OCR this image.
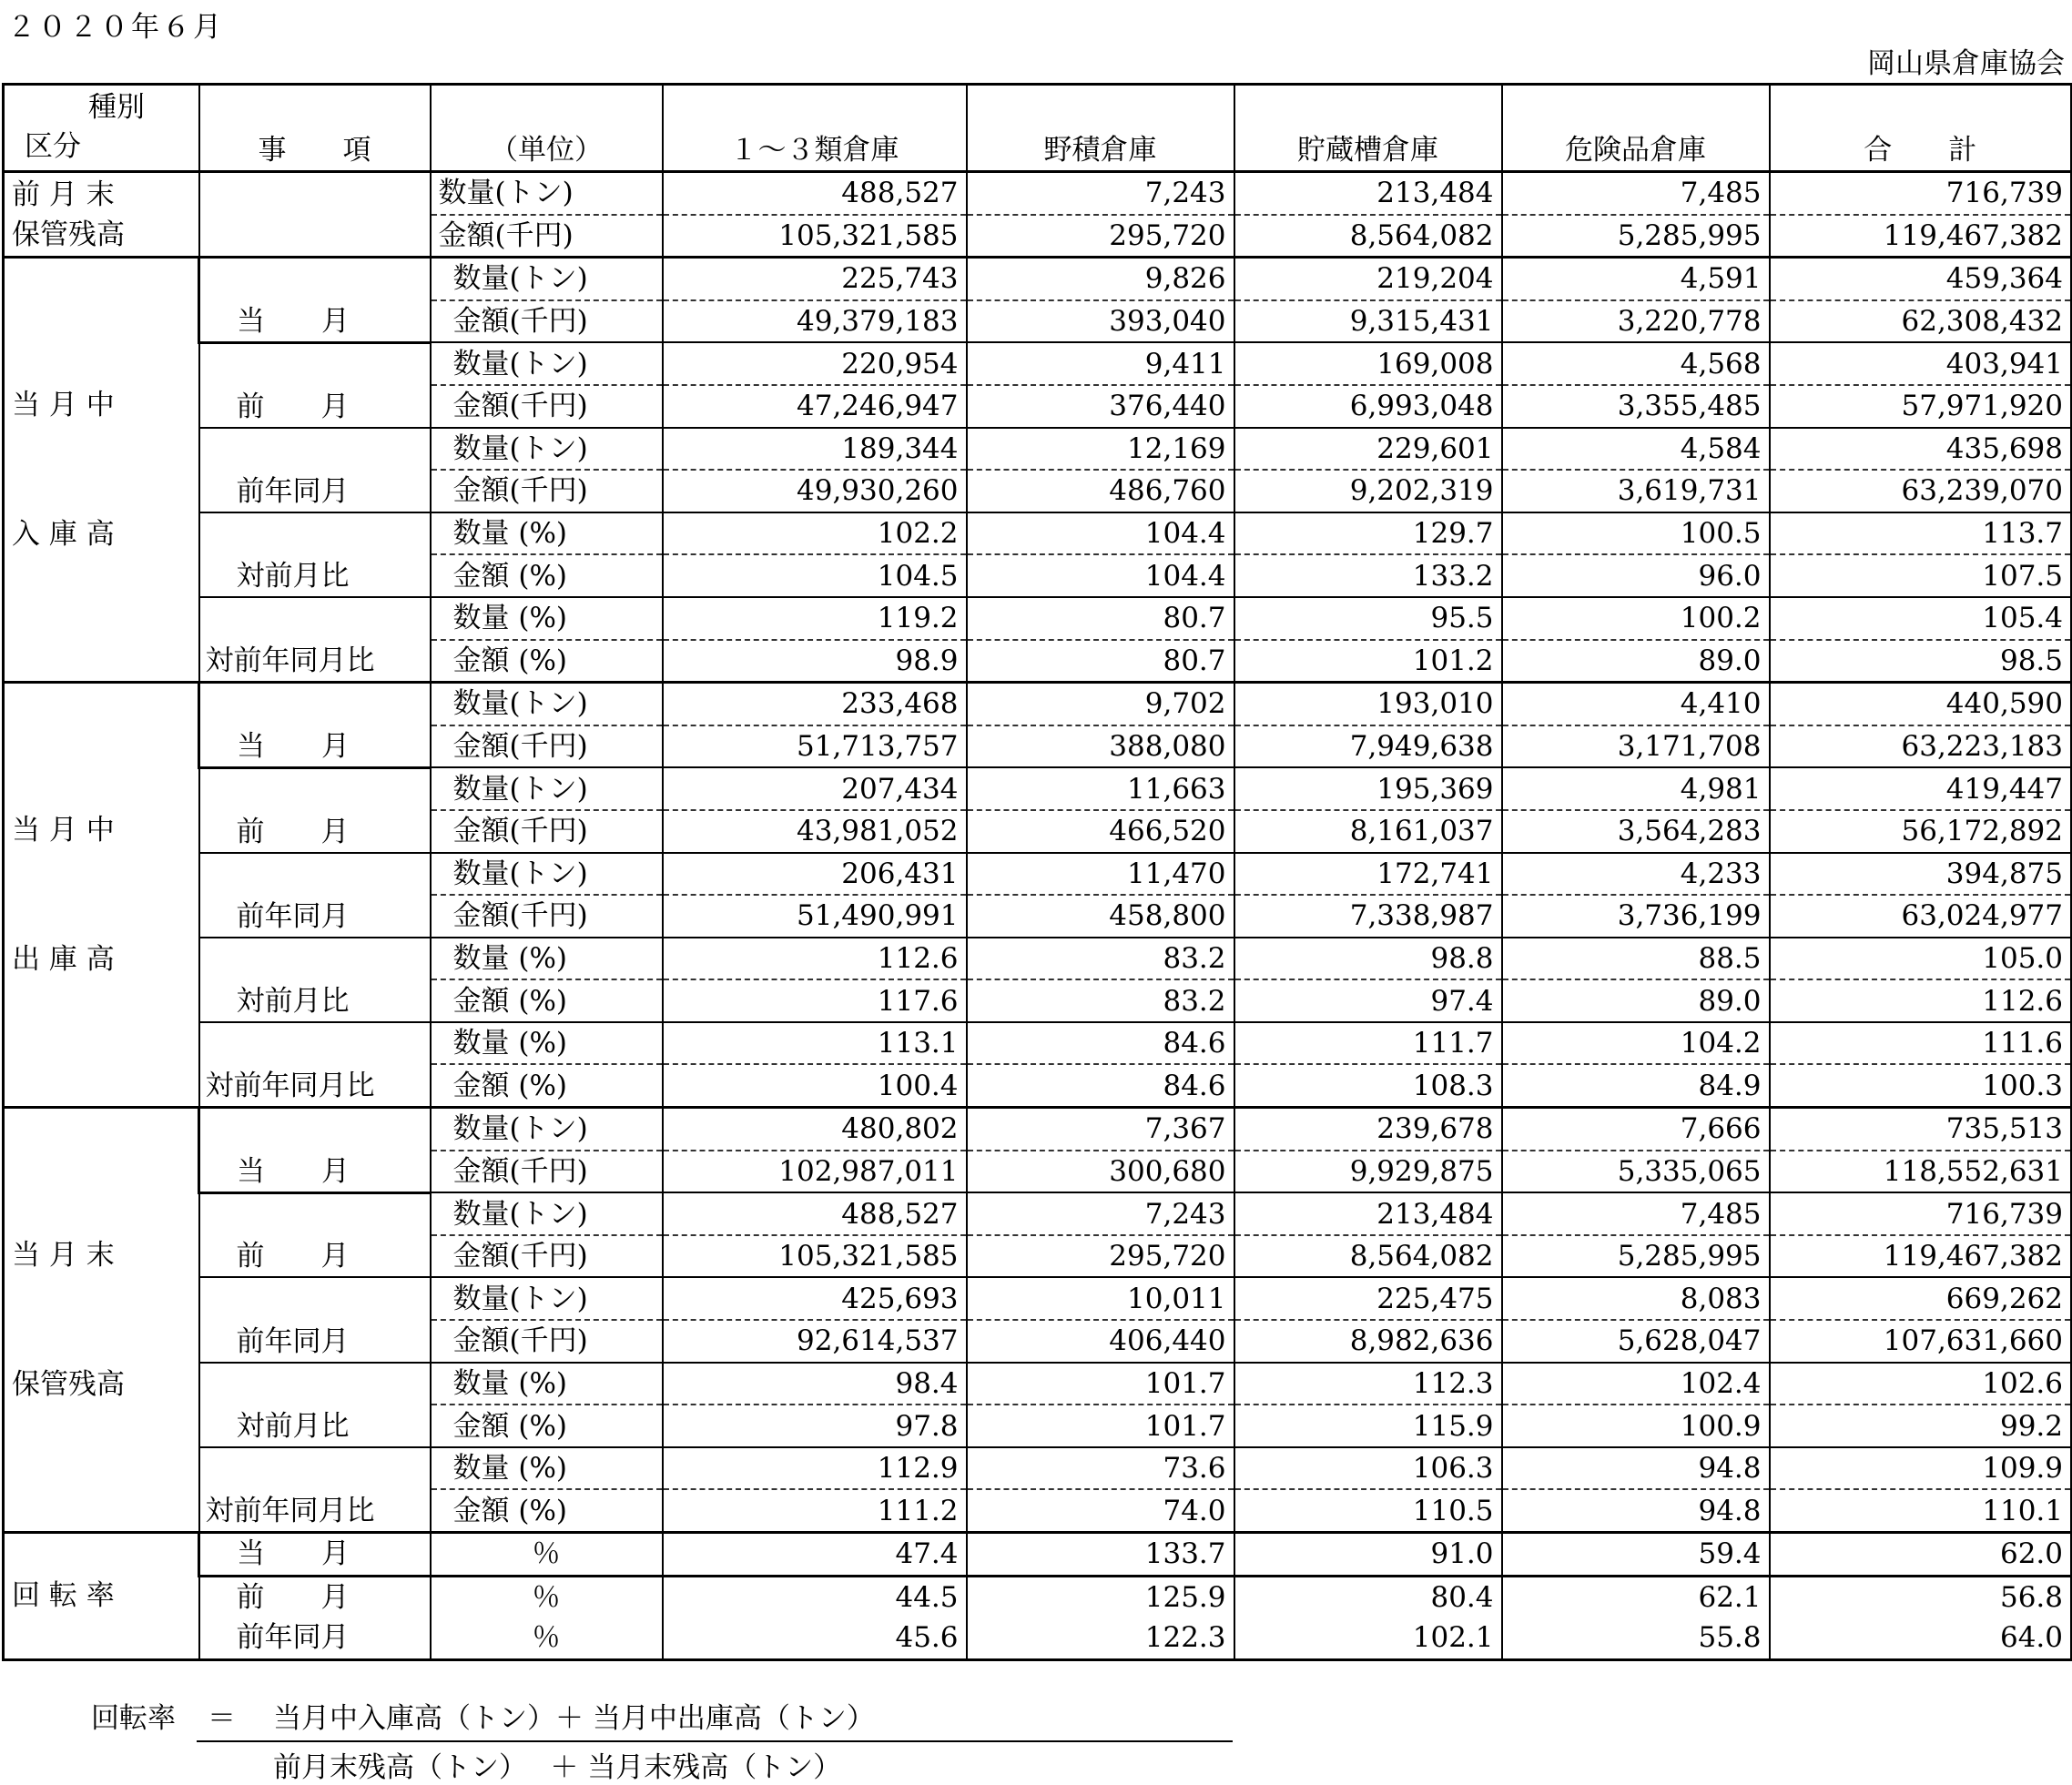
２０２０年６月
岡山県倉庫協会
種別
区分	事　　項	（単位）	１～３類倉庫	野積倉庫	貯蔵槽倉庫	危険品倉庫	合　　計

前 月 末
保管残高		数量(トン)	488,527	7,243	213,484	7,485	716,739
		金額(千円)	105,321,585	295,720	8,564,082	5,285,995	119,467,382

当 月 中
入 庫 高	当　　月	数量(トン)	225,743	9,826	219,204	4,591	459,364
		金額(千円)	49,379,183	393,040	9,315,431	3,220,778	62,308,432
	前　　月	数量(トン)	220,954	9,411	169,008	4,568	403,941
		金額(千円)	47,246,947	376,440	6,993,048	3,355,485	57,971,920
	前年同月	数量(トン)	189,344	12,169	229,601	4,584	435,698
		金額(千円)	49,930,260	486,760	9,202,319	3,619,731	63,239,070
	対前月比	数量 (%)	102.2	104.4	129.7	100.5	113.7
		金額 (%)	104.5	104.4	133.2	96.0	107.5
	対前年同月比	数量 (%)	119.2	80.7	95.5	100.2	105.4
		金額 (%)	98.9	80.7	101.2	89.0	98.5

当 月 中
出 庫 高	当　　月	数量(トン)	233,468	9,702	193,010	4,410	440,590
		金額(千円)	51,713,757	388,080	7,949,638	3,171,708	63,223,183
	前　　月	数量(トン)	207,434	11,663	195,369	4,981	419,447
		金額(千円)	43,981,052	466,520	8,161,037	3,564,283	56,172,892
	前年同月	数量(トン)	206,431	11,470	172,741	4,233	394,875
		金額(千円)	51,490,991	458,800	7,338,987	3,736,199	63,024,977
	対前月比	数量 (%)	112.6	83.2	98.8	88.5	105.0
		金額 (%)	117.6	83.2	97.4	89.0	112.6
	対前年同月比	数量 (%)	113.1	84.6	111.7	104.2	111.6
		金額 (%)	100.4	84.6	108.3	84.9	100.3

当 月 末
保管残高	当　　月	数量(トン)	480,802	7,367	239,678	7,666	735,513
		金額(千円)	102,987,011	300,680	9,929,875	5,335,065	118,552,631
	前　　月	数量(トン)	488,527	7,243	213,484	7,485	716,739
		金額(千円)	105,321,585	295,720	8,564,082	5,285,995	119,467,382
	前年同月	数量(トン)	425,693	10,011	225,475	8,083	669,262
		金額(千円)	92,614,537	406,440	8,982,636	5,628,047	107,631,660
	対前月比	数量 (%)	98.4	101.7	112.3	102.4	102.6
		金額 (%)	97.8	101.7	115.9	100.9	99.2
	対前年同月比	数量 (%)	112.9	73.6	106.3	94.8	109.9
		金額 (%)	111.2	74.0	110.5	94.8	110.1
回 転 率	当　　月	％	47.4	133.7	91.0	59.4	62.0
	前　　月	％	44.5	125.9	80.4	62.1	56.8
	前年同月	％	45.6	122.3	102.1	55.8	64.0
回転率 ＝ 当月中入庫高（トン）＋ 当月中出庫高（トン）
前月末残高（トン）　 ＋ 当月末残高（トン）
